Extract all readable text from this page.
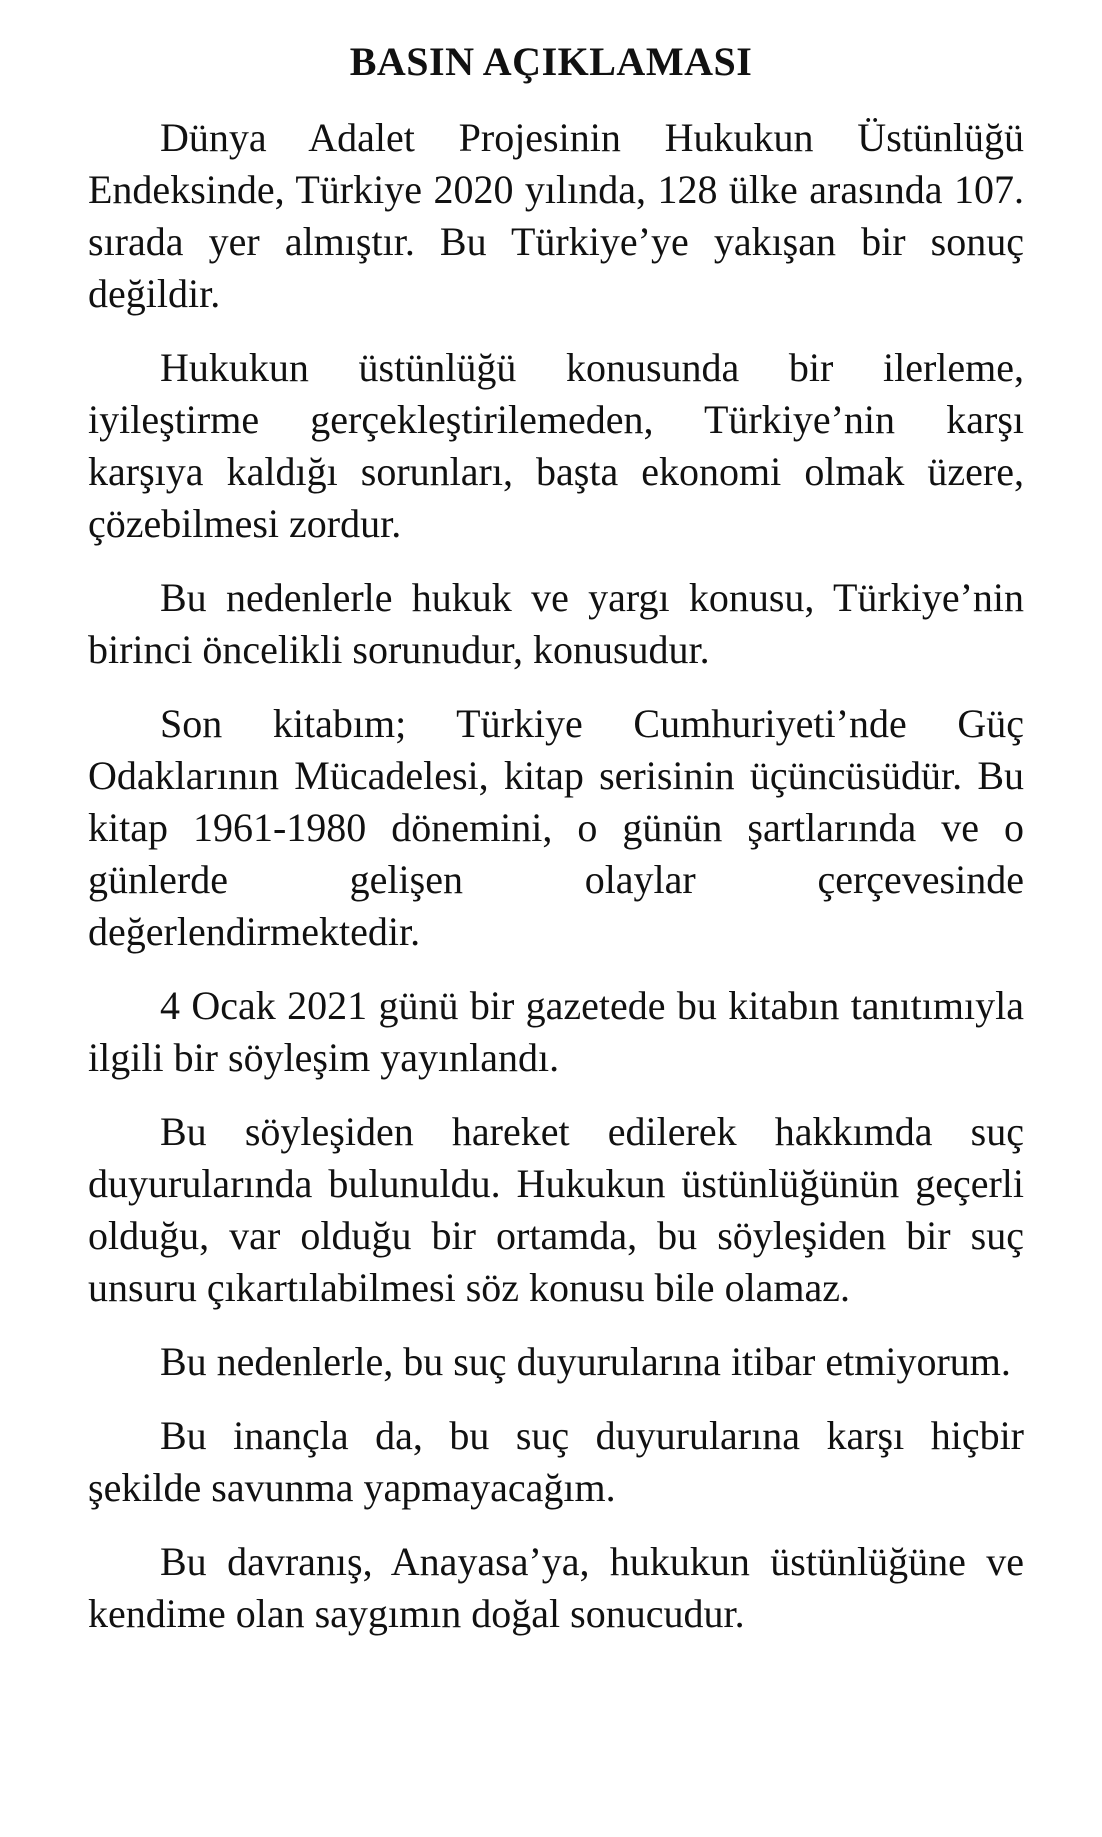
BASIN AÇIKLAMASI

Dünya Adalet Projesinin Hukukun Üstünlüğü Endeksinde, Türkiye 2020 yılında, 128 ülke arasında 107. sırada yer almıştır. Bu Türkiye’ye yakışan bir sonuç değildir.

Hukukun üstünlüğü konusunda bir ilerleme, iyileştirme gerçekleştirilemeden, Türkiye’nin karşı karşıya kaldığı sorunları, başta ekonomi olmak üzere, çözebilmesi zordur.

Bu nedenlerle hukuk ve yargı konusu, Türkiye’nin birinci öncelikli sorunudur, konusudur.

Son kitabım; Türkiye Cumhuriyeti’nde Güç Odaklarının Mücadelesi, kitap serisinin üçüncüsüdür. Bu kitap 1961-1980 dönemini, o günün şartlarında ve o günlerde gelişen olaylar çerçevesinde değerlendirmektedir.

4 Ocak 2021 günü bir gazetede bu kitabın tanıtımıyla ilgili bir söyleşim yayınlandı.

Bu söyleşiden hareket edilerek hakkımda suç duyurularında bulunuldu. Hukukun üstünlüğünün geçerli olduğu, var olduğu bir ortamda, bu söyleşiden bir suç unsuru çıkartılabilmesi söz konusu bile olamaz.

Bu nedenlerle, bu suç duyurularına itibar etmiyorum.

Bu inançla da, bu suç duyurularına karşı hiçbir şekilde savunma yapmayacağım.

Bu davranış, Anayasa’ya, hukukun üstünlüğüne ve kendime olan saygımın doğal sonucudur.
